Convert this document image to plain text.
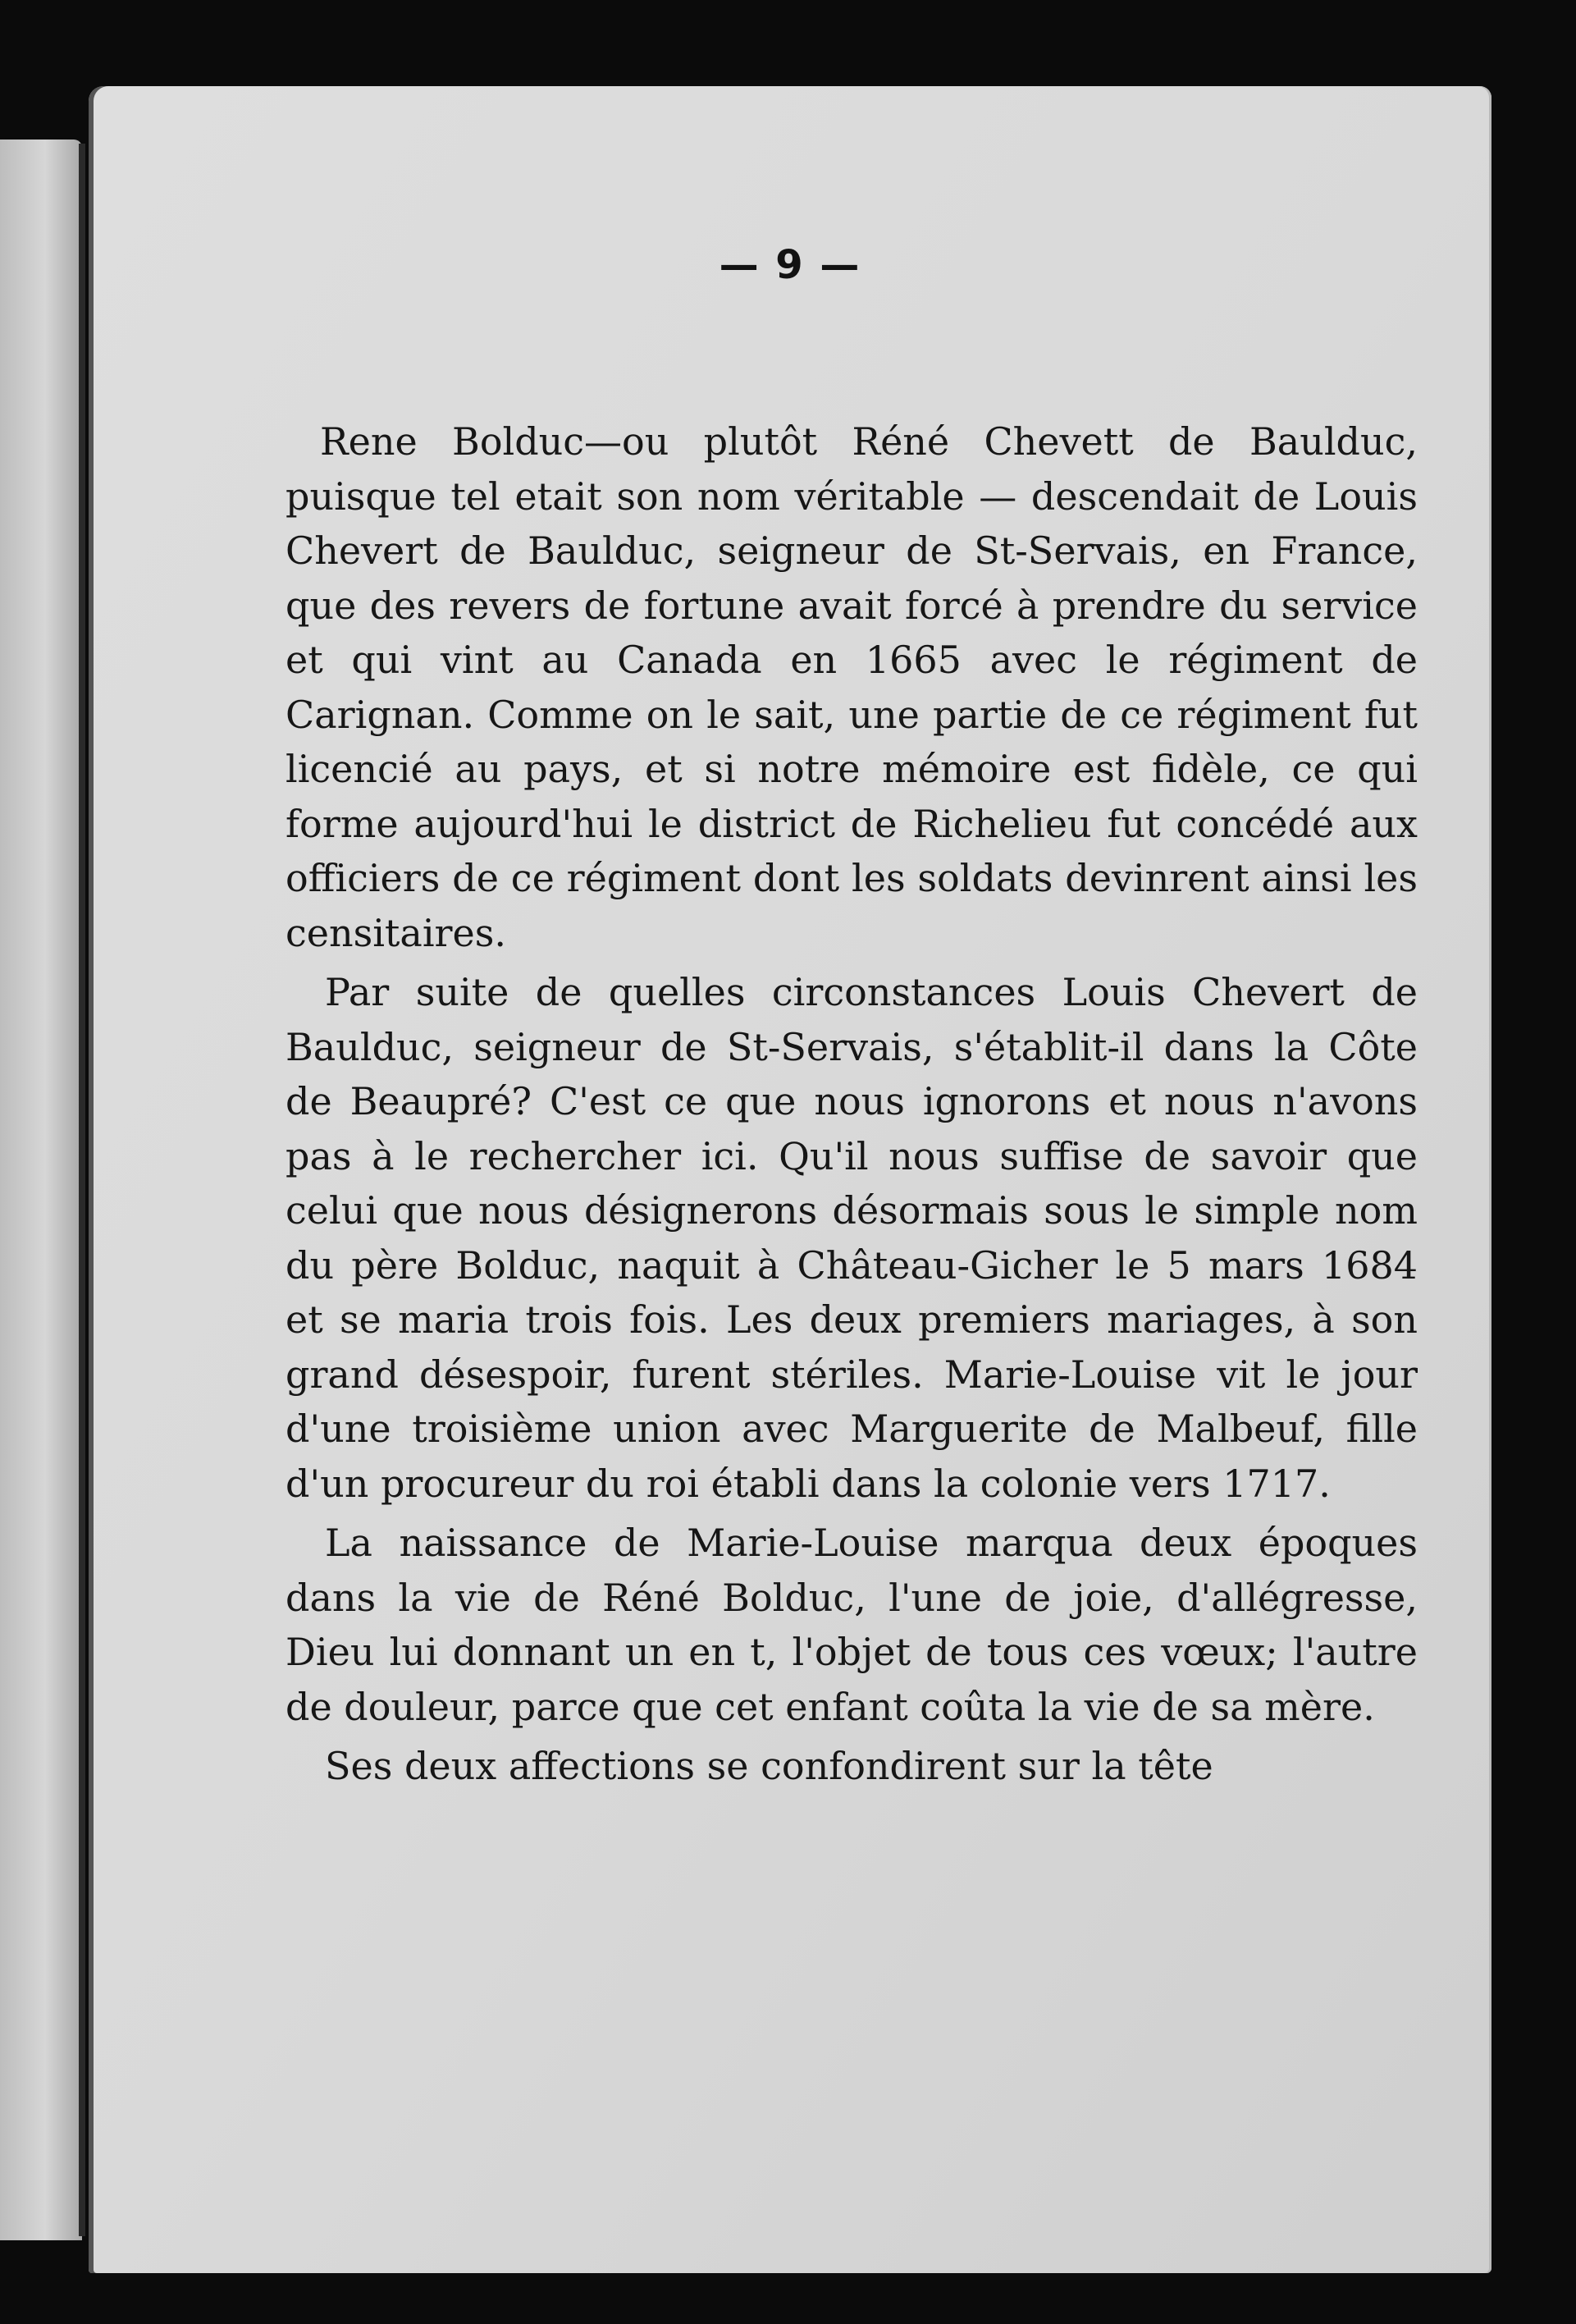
— 9 —

Rene Bolduc—ou plutôt Réné Chevett de Baulduc, puisque tel etait son nom véritable — descendait de Louis Chevert de Baulduc, seigneur de St-Servais, en France, que des revers de fortune avait forcé à prendre du service et qui vint au Canada en 1665 avec le régiment de Carignan. Comme on le sait, une partie de ce régiment fut licencié au pays, et si notre mémoire est fidèle, ce qui forme aujourd'hui le district de Richelieu fut concédé aux officiers de ce régiment dont les soldats devinrent ainsi les censitaires.

Par suite de quelles circonstances Louis Chevert de Baulduc, seigneur de St-Servais, s'établit-il dans la Côte de Beaupré? C'est ce que nous ignorons et nous n'avons pas à le rechercher ici. Qu'il nous suffise de savoir que celui que nous désignerons désormais sous le simple nom du père Bolduc, naquit à Château-Gicher le 5 mars 1684 et se maria trois fois. Les deux premiers mariages, à son grand désespoir, furent stériles. Marie-Louise vit le jour d'une troisième union avec Marguerite de Malbeuf, fille d'un procureur du roi établi dans la colonie vers 1717.

La naissance de Marie-Louise marqua deux époques dans la vie de Réné Bolduc, l'une de joie, d'allégresse, Dieu lui donnant un en t, l'objet de tous ces vœux; l'autre de douleur, parce que cet enfant coûta la vie de sa mère.

Ses deux affections se confondirent sur la tête
